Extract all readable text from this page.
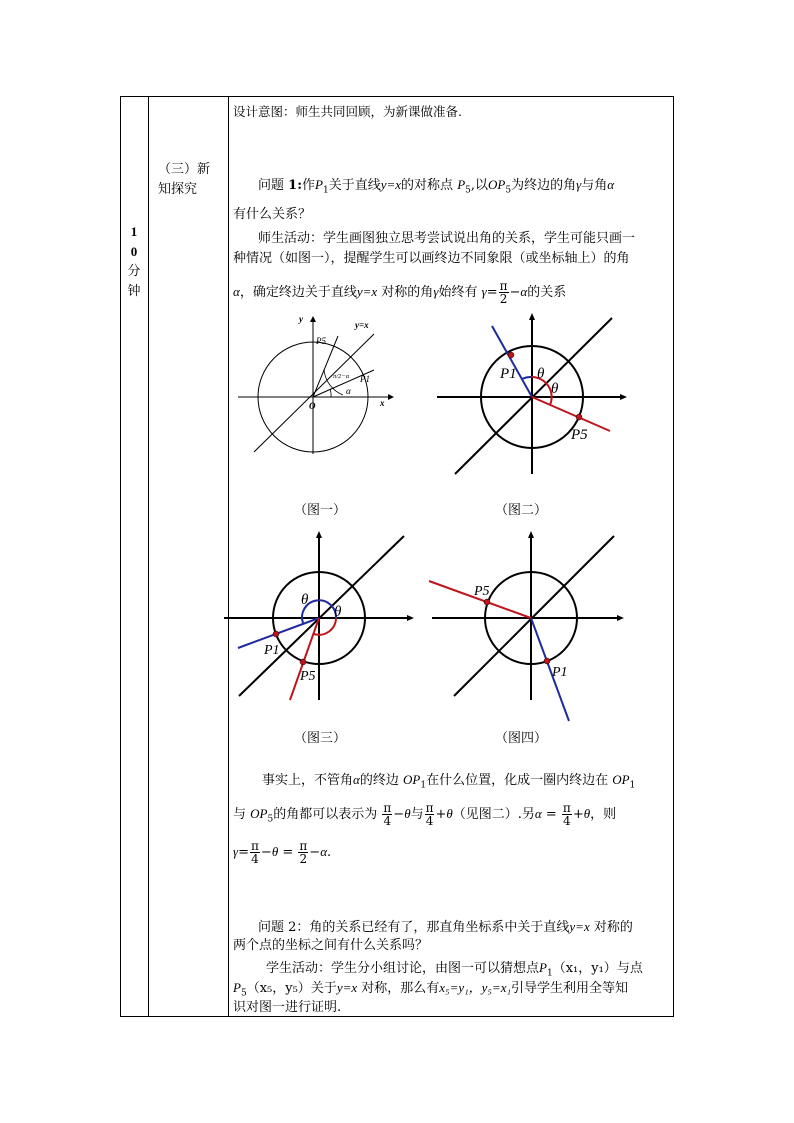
1
0
分
钟
（三）新知探究
设计意图：师生共同回顾，为新课做准备.
问题 1:作$P_1$关于直线y=x的对称点 $P_5$,以$OP_5$为终边的角γ与角α
有什么关系？
师生活动：学生画图独立思考尝试说出角的关系，学生可能只画一
种情况（如图一），提醒学生可以画终边不同象限（或坐标轴上）的角
α，确定终边关于直线y=x 对称的角γ始终有 $\gamma= \frac{\pi}{2} -\alpha$的关系
y
x
O
y=x
P5
P1
π/2−α
α
P1
P5
θ
θ
（图一）	（图二）
P1
P5
θ
θ
P5
P1
（图三）	（图四）
事实上，不管角α的终边 $OP_1$在什么位置，化成一圈内终边在 $OP_1$
与 $OP_5$的角都可以表示为 $\frac{\pi}{4} -\theta$与 $\frac{\pi}{4} +\theta$（见图二）.另$\alpha = \frac{\pi}{4} +\theta$，则
$\gamma= \frac{\pi}{4} -\theta = \frac{\pi}{2} -\alpha$.
问题 2：角的关系已经有了，那直角坐标系中关于直线y=x 对称的
两个点的坐标之间有什么关系吗？
学生活动：学生分小组讨论，由图一可以猜想点$P_1(x_1$，y₁）与点
$P_5(x_5$，y₅）关于y=x 对称，那么有x₅=y₁，y₅=x₁引导学生利用全等知
识对图一进行证明.
